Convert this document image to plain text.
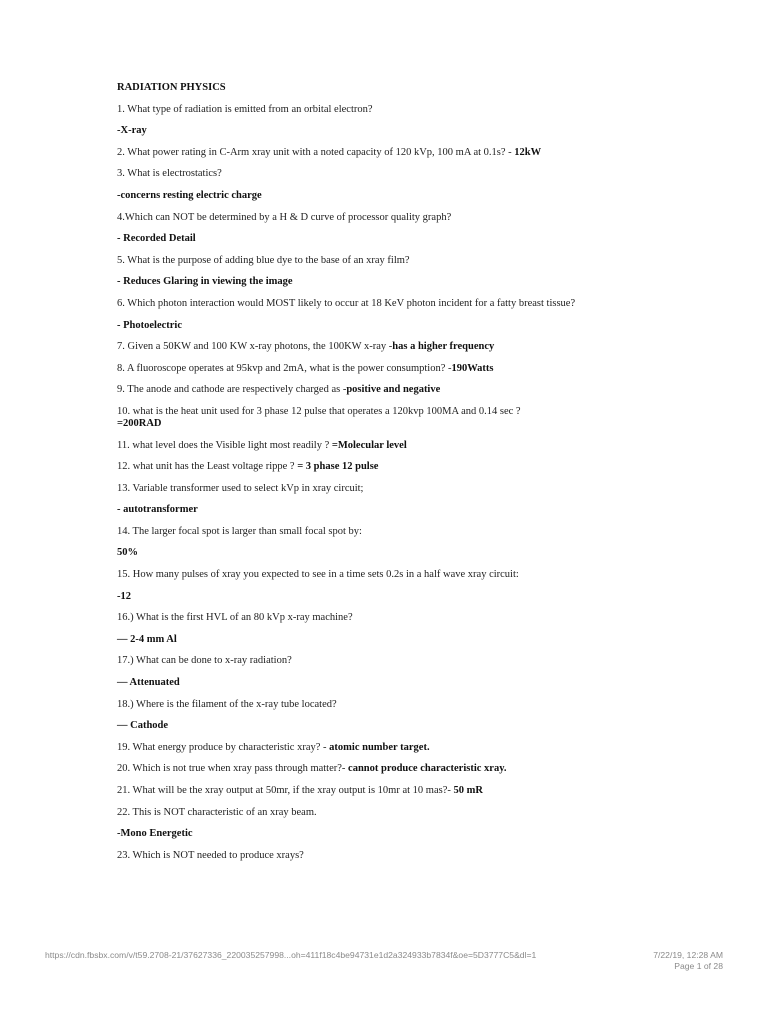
RADIATION PHYSICS
1. What type of radiation is emitted from an orbital electron?
-X-ray
2. What power rating in C-Arm xray unit with a noted capacity of 120 kVp, 100 mA at 0.1s? - 12kW
3. What is electrostatics?
-concerns resting electric charge
4.Which can NOT be determined by a H & D curve of processor quality graph?
- Recorded Detail
5. What is the purpose of adding blue dye to the base of an xray film?
- Reduces Glaring in viewing the image
6. Which photon interaction would MOST likely to occur at 18 KeV photon incident for a fatty breast tissue?
- Photoelectric
7. Given a 50KW and 100 KW x-ray photons, the 100KW x-ray -has a higher frequency
8. A fluoroscope operates at 95kvp and 2mA, what is the power consumption? -190Watts
9. The anode and cathode are respectively charged as -positive and negative
10. what is the heat unit used for 3 phase 12 pulse that operates a 120kvp 100MA and 0.14 sec ?
=200RAD
11. what level does the Visible light most readily ? =Molecular level
12. what unit has the Least voltage rippe ? = 3 phase 12 pulse
13. Variable transformer used to select kVp in xray circuit;
- autotransformer
14. The larger focal spot is larger than small focal spot by:
50%
15. How many pulses of xray you expected to see in a time sets 0.2s in a half wave xray circuit:
-12
16.) What is the first HVL of an 80 kVp x-ray machine?
— 2-4 mm Al
17.) What can be done to x-ray radiation?
— Attenuated
18.) Where is the filament of the x-ray tube located?
— Cathode
19. What energy produce by characteristic xray? - atomic number target.
20. Which is not true when xray pass through matter?- cannot produce characteristic xray.
21. What will be the xray output at 50mr, if the xray output is 10mr at 10 mas?- 50 mR
22. This is NOT characteristic of an xray beam.
-Mono Energetic
23. Which is NOT needed to produce xrays?
https://cdn.fbsbx.com/v/t59.2708-21/37627336_220035257998...oh=411f18c4be94731e1d2a324933b7834f&oe=5D3777C5&dl=1	7/22/19, 12:28 AM
Page 1 of 28
